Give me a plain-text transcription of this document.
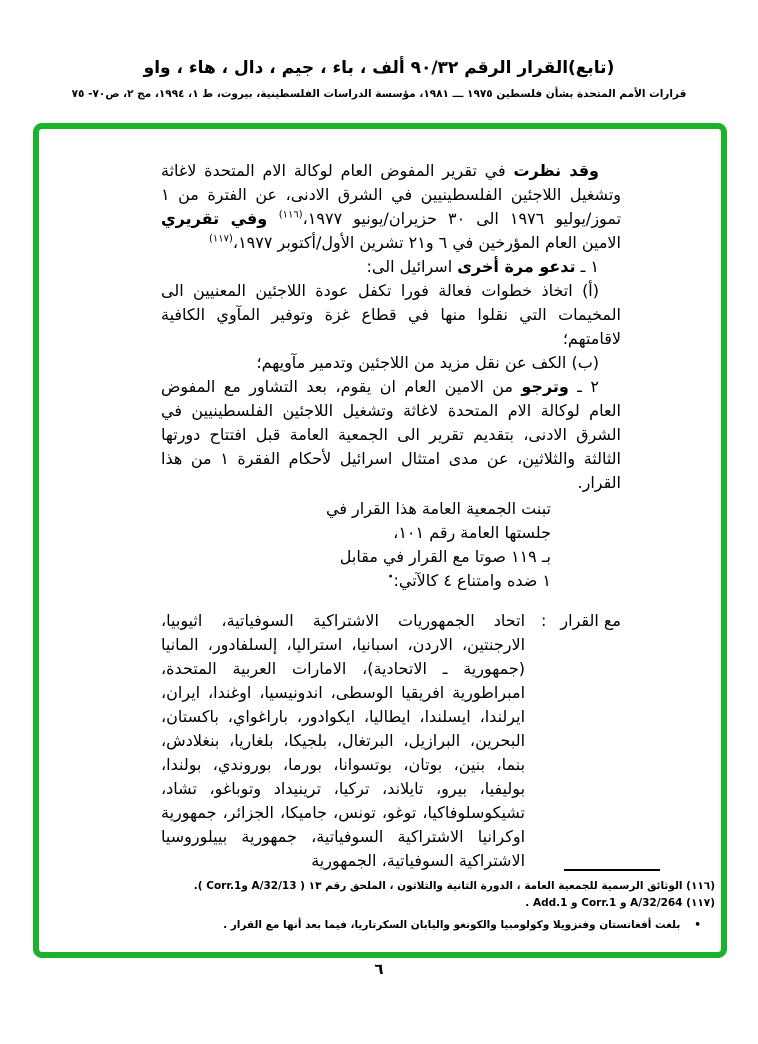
(تابع)القرار الرقم ٩٠/٣٢ ألف ، باء ، جيم ، دال ، هاء ، واو
قرارات الأمم المتحدة بشأن فلسطين ١٩٧٥ ـــ ١٩٨١، مؤسسة الدراسات الفلسطينية، بيروت، ط ١، ١٩٩٤، مج ٢، ص٧٠- ٧٥

وقد نظرت في تقرير المفوض العام لوكالة الام المتحدة لاغاثة وتشغيل اللاجئين الفلسطينيين في الشرق الادنى، عن الفترة من ١ تموز/يوليو ١٩٧٦ الى ٣٠ حزيران/يونيو ١٩٧٧،$^{(١١٦)}$ وفي تقريري الامين العام المؤرخين في ٦ و٢١ تشرين الأول/أكتوبر ١٩٧٧،$^{(١١٧)}$

١ ـ تدعو مرة أخرى اسرائيل الى:

(أ) اتخاذ خطوات فعالة فورا تكفل عودة اللاجئين المعنيين الى المخيمات التي نقلوا منها في قطاع غزة وتوفير المآوي الكافية لاقامتهم؛

(ب) الكف عن نقل مزيد من اللاجئين وتدمير مآويهم؛

٢ ـ وترجو من الامين العام ان يقوم، بعد التشاور مع المفوض العام لوكالة الام المتحدة لاغاثة وتشغيل اللاجئين الفلسطينيين في الشرق الادنى، بتقديم تقرير الى الجمعية العامة قبل افتتاح دورتها الثالثة والثلاثين، عن مدى امتثال اسرائيل لأحكام الفقرة ١ من هذا القرار.

تبنت الجمعية العامة هذا القرار في
جلستها العامة رقم ١٠١،
بـ ١١٩ صوتا مع القرار في مقابل
١ ضده وامتناع ٤ كالآتي:•
مع القرار
:
اتحاد الجمهوريات الاشتراكية السوفياتية، اثيوبيا، الارجنتين، الاردن، اسبانيا، استراليا، إلسلفادور، المانيا (جمهورية ـ الاتحادية)، الامارات العربية المتحدة، امبراطورية افريقيا الوسطى، اندونيسيا، اوغندا، ايران، ايرلندا، ايسلندا، ايطاليا، ايكوادور، باراغواي، باكستان، البحرين، البرازيل، البرتغال، بلجيكا، بلغاريا، بنغلادش، بنما، بنين، بوتان، بوتسوانا، بورما، بوروندي، بولندا، بوليفيا، بيرو، تايلاند، تركيا، ترينيداد وتوباغو، تشاد، تشيكوسلوفاكيا، توغو، تونس، جاميكا، الجزائر، جمهورية اوكرانيا الاشتراكية السوفياتية، جمهورية بييلوروسيا الاشتراكية السوفياتية، الجمهورية
(١١٦) الوثائق الرسمية للجمعية العامة ، الدورة الثانية والثلاثون ، الملحق رقم ١٣ ( A/32/13 وCorr.1 ).
(١١٧) A/32/264 و Corr.1 و Add.1 .
•بلغت أفغانستان وفنزويلا وكولومبيا والكونغو واليابان السكرتاريا، فيما بعد أنها مع القرار .
٦
